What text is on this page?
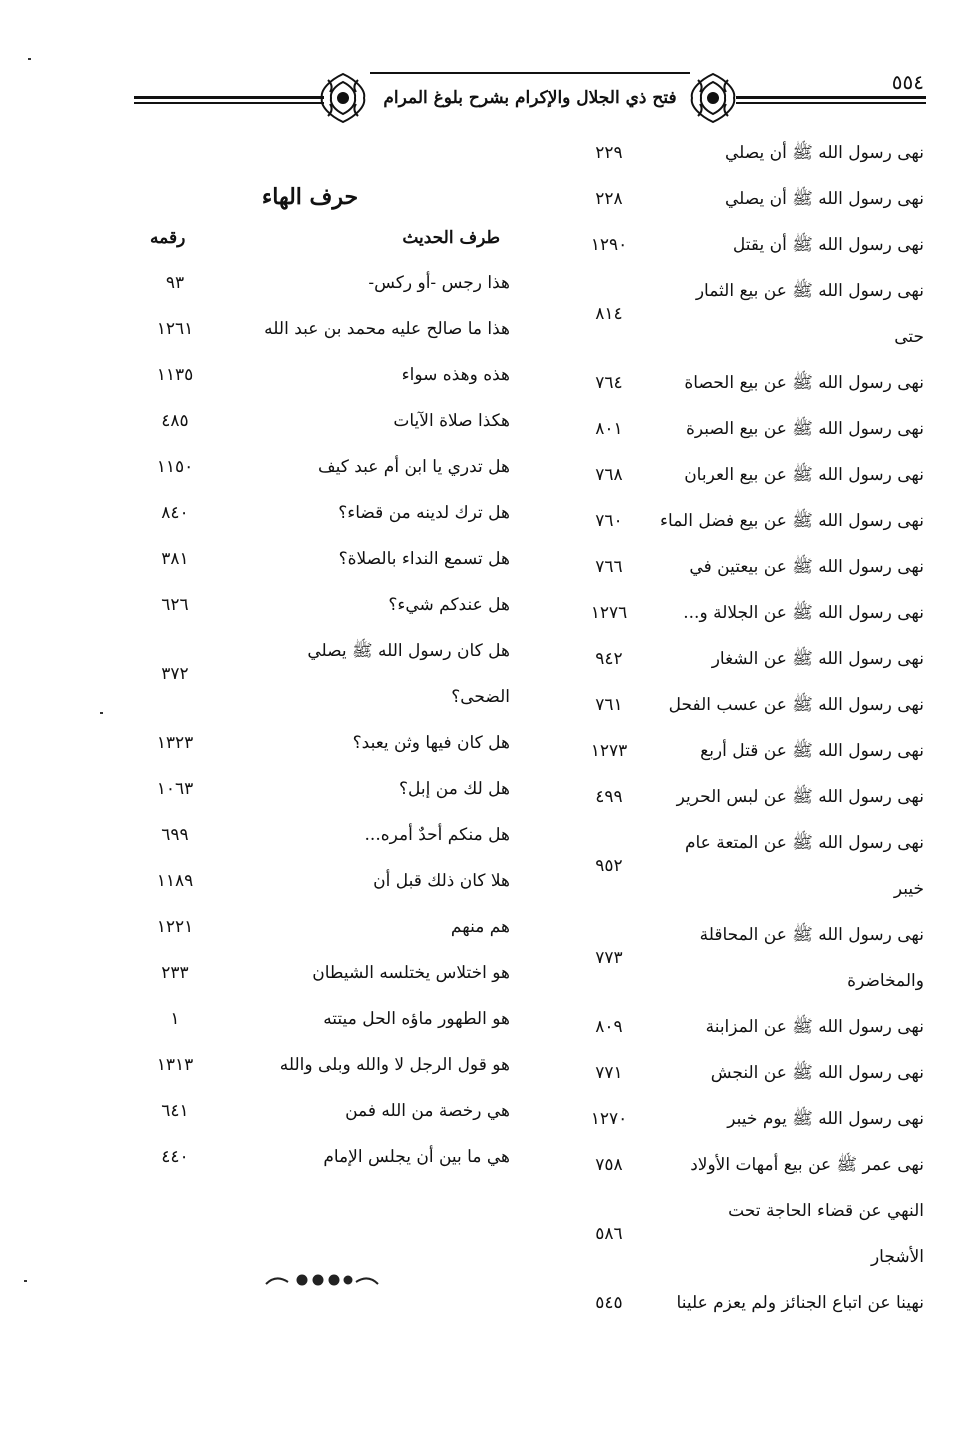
فتح ذي الجلال والإكرام بشرح بلوغ المرام
٥٥٤
نهى رسول الله ﷺ أن يصلي
٢٢٩
نهى رسول الله ﷺ أن يصلي
٢٢٨
نهى رسول الله ﷺ أن يقتل
١٢٩٠
نهى رسول الله ﷺ عن بيع الثمار
حتى
٨١٤
نهى رسول الله ﷺ عن بيع الحصاة
٧٦٤
نهى رسول الله ﷺ عن بيع الصبرة
٨٠١
نهى رسول الله ﷺ عن بيع العربان
٧٦٨
نهى رسول الله ﷺ عن بيع فضل الماء
٧٦٠
نهى رسول الله ﷺ عن بيعتين في
٧٦٦
نهى رسول الله ﷺ عن الجلالة و...
١٢٧٦
نهى رسول الله ﷺ عن الشغار
٩٤٢
نهى رسول الله ﷺ عن عسب الفحل
٧٦١
نهى رسول الله ﷺ عن قتل أربع
١٢٧٣
نهى رسول الله ﷺ عن لبس الحرير
٤٩٩
نهى رسول الله ﷺ عن المتعة عام
خيبر
٩٥٢
نهى رسول الله ﷺ عن المحاقلة
والمخاضرة
٧٧٣
نهى رسول الله ﷺ عن المزابنة
٨٠٩
نهى رسول الله ﷺ عن النجش
٧٧١
نهى رسول الله ﷺ يوم خيبر
١٢٧٠
نهى عمر ﷺ عن بيع أمهات الأولاد
٧٥٨
النهي عن قضاء الحاجة تحت
الأشجار
٥٨٦
نهينا عن اتباع الجنائز ولم يعزم علينا
٥٤٥
حرف الهاء
طرف الحديث
رقمه
هذا رجس -أو ركس-
٩٣
هذا ما صالح عليه محمد بن عبد الله
١٢٦١
هذه وهذه سواء
١١٣٥
هكذا صلاة الآيات
٤٨٥
هل تدري يا ابن أم عبد كيف
١١٥٠
هل ترك لدينه من قضاء؟
٨٤٠
هل تسمع النداء بالصلاة؟
٣٨١
هل عندكم شيء؟
٦٢٦
هل كان رسول الله ﷺ يصلي
الضحى؟
٣٧٢
هل كان فيها وثن يعبد؟
١٣٢٣
هل لك من إبل؟
١٠٦٣
هل منكم أحدٌ أمره...
٦٩٩
هلا كان ذلك قبل أن
١١٨٩
هم منهم
١٢٢١
هو اختلاس يختلسه الشيطان
٢٣٣
هو الطهور ماؤه الحل ميتته
١
هو قول الرجل لا والله وبلى والله
١٣١٣
هي رخصة من الله فمن
٦٤١
هي ما بين أن يجلس الإمام
٤٤٠
